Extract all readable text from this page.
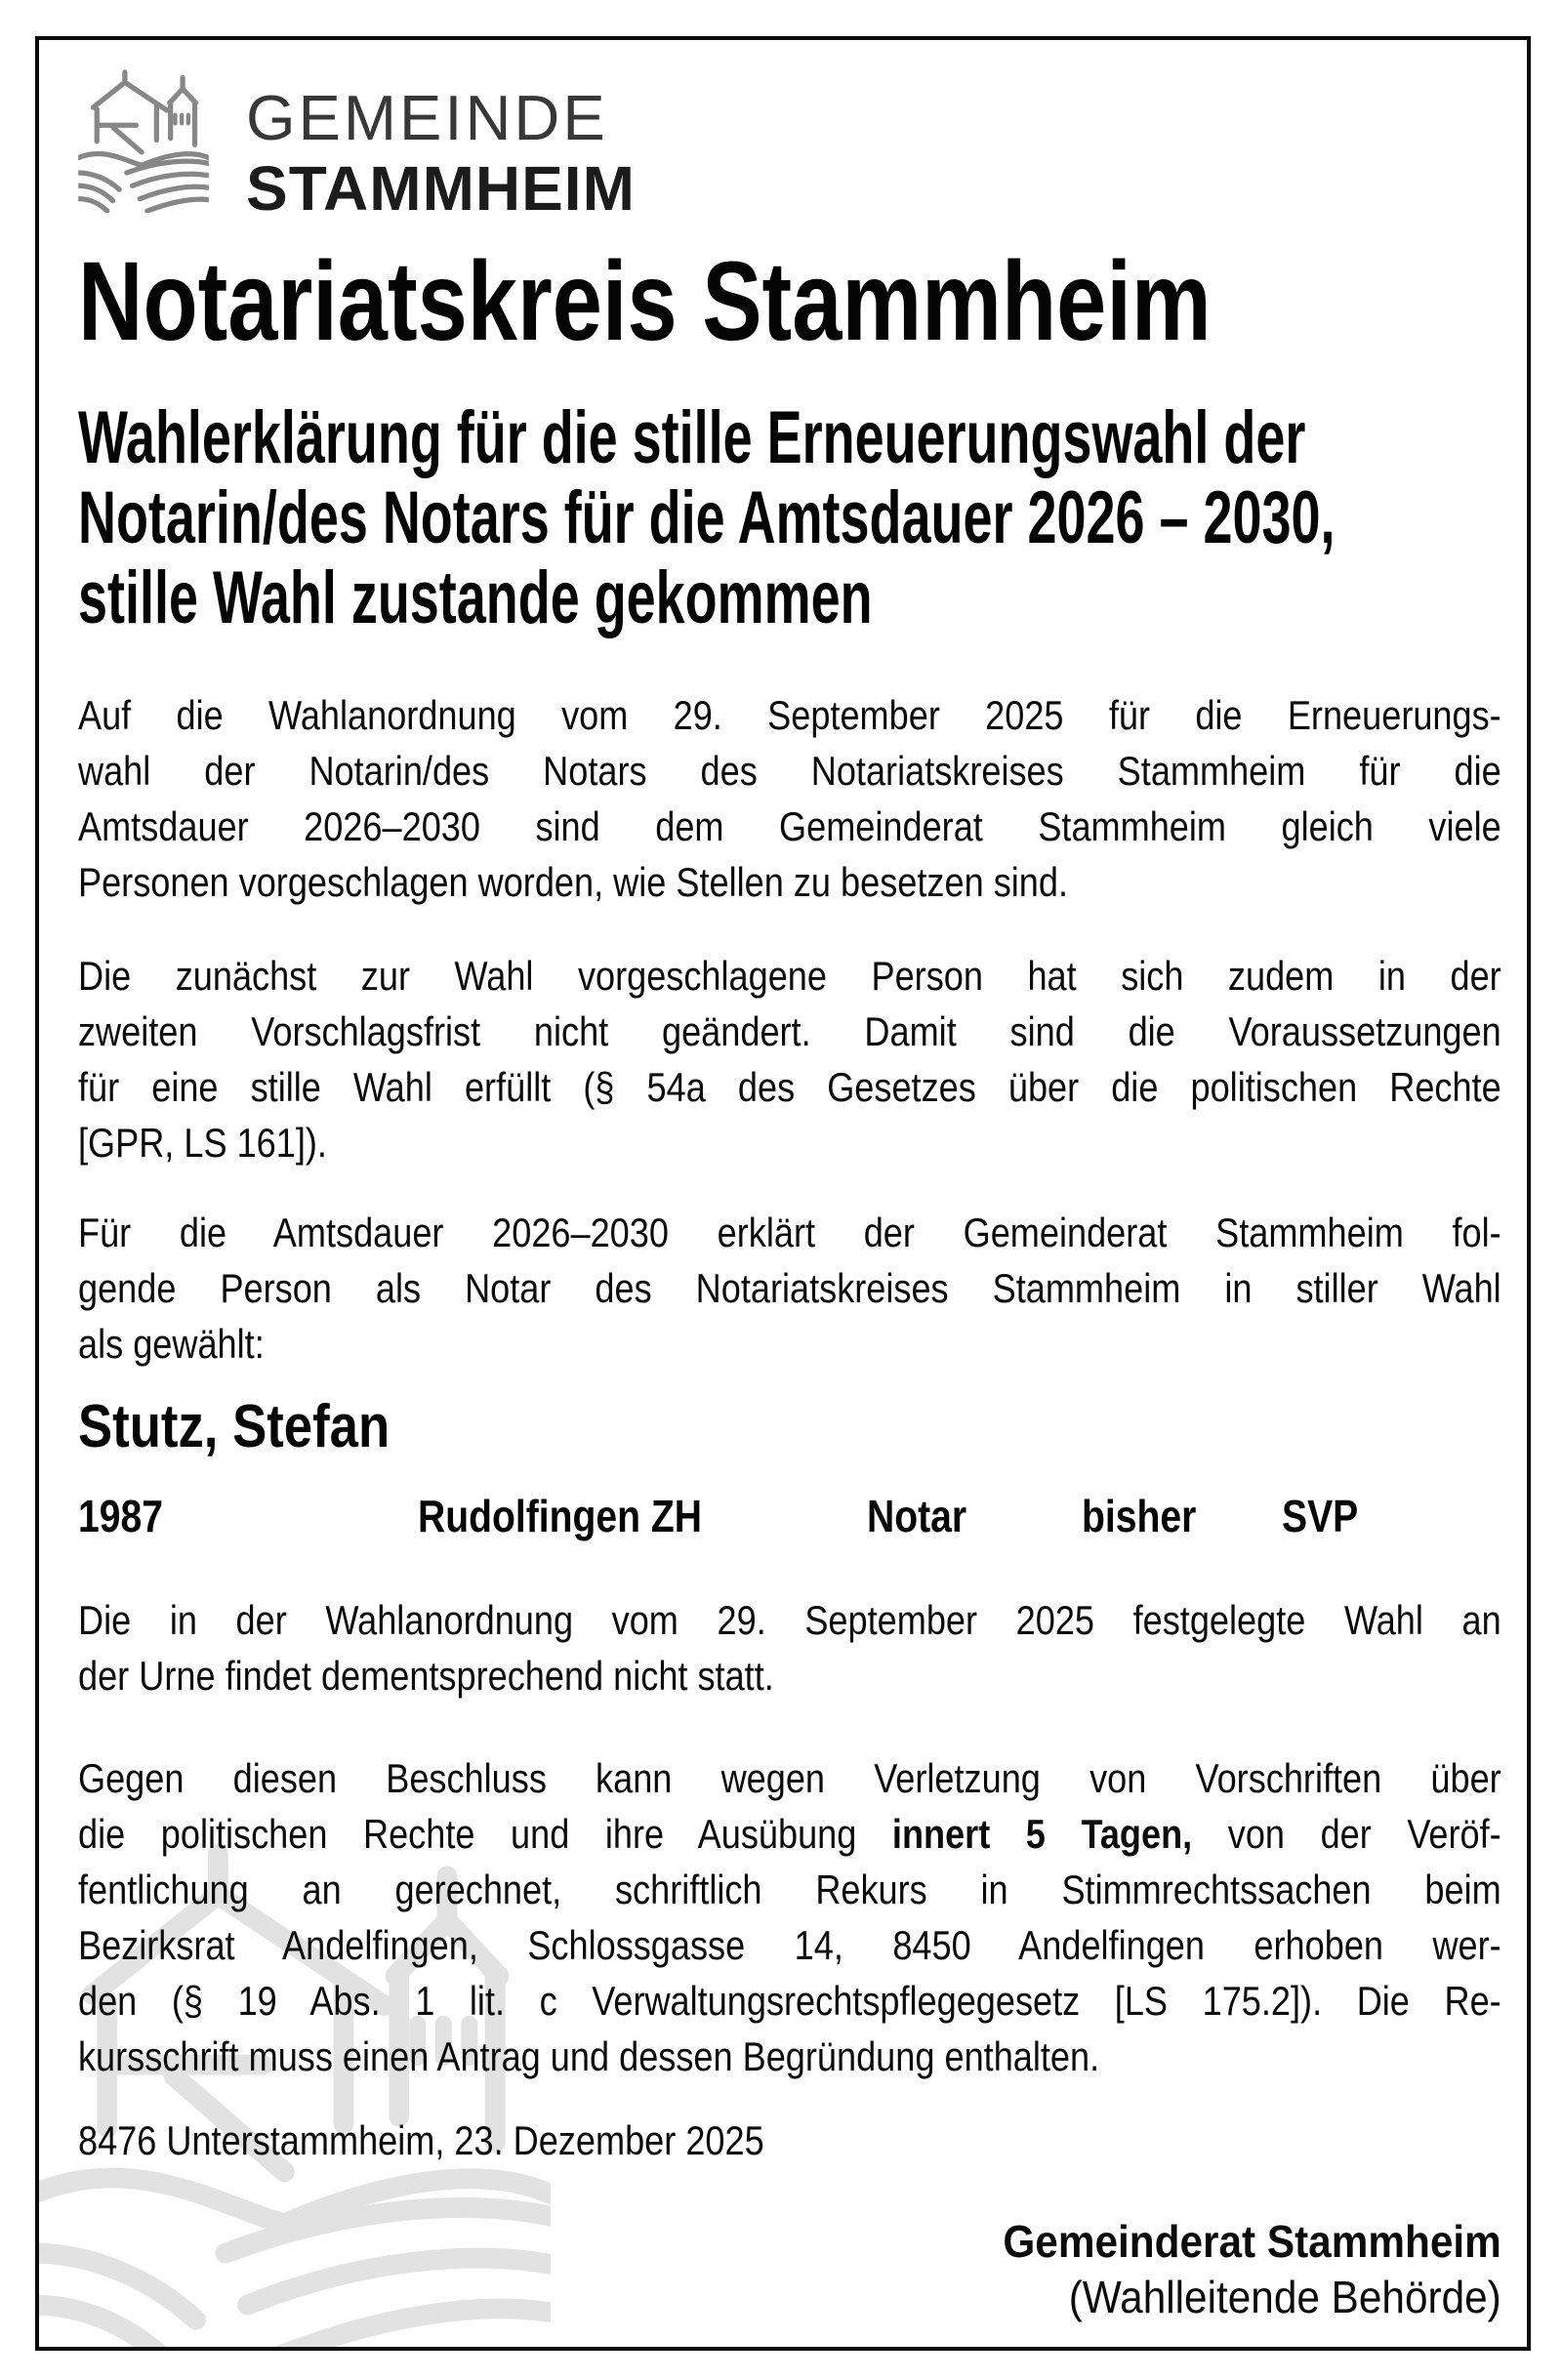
GEMEINDE
STAMMHEIM
Notariatskreis Stammheim
Wahlerklärung für die stille Erneuerungswahl der
Notarin/des Notars für die Amtsdauer 2026 – 2030,
stille Wahl zustande gekommen
Auf die Wahlanordnung vom 29. September 2025 für die Erneuerungs-
wahl der Notarin/des Notars des Notariatskreises Stammheim für die
Amtsdauer 2026–2030 sind dem Gemeinderat Stammheim gleich viele
Personen vorgeschlagen worden, wie Stellen zu besetzen sind.
Die zunächst zur Wahl vorgeschlagene Person hat sich zudem in der
zweiten Vorschlagsfrist nicht geändert. Damit sind die Voraussetzungen
für eine stille Wahl erfüllt (§ 54a des Gesetzes über die politischen Rechte
[GPR, LS 161]).
Für die Amtsdauer 2026–2030 erklärt der Gemeinderat Stammheim fol-
gende Person als Notar des Notariatskreises Stammheim in stiller Wahl
als gewählt:
Stutz, Stefan
1987	Rudolfingen ZH	Notar	bisher SVP
Die in der Wahlanordnung vom 29. September 2025 festgelegte Wahl an
der Urne findet dementsprechend nicht statt.
Gegen diesen Beschluss kann wegen Verletzung von Vorschriften über
die politischen Rechte und ihre Ausübung innert 5 Tagen, von der Veröf-
fentlichung an gerechnet, schriftlich Rekurs in Stimmrechtssachen beim
Bezirksrat Andelfingen, Schlossgasse 14, 8450 Andelfingen erhoben wer-
den (§ 19 Abs. 1 lit. c Verwaltungsrechtspflegegesetz [LS 175.2]). Die Re-
kursschrift muss einen Antrag und dessen Begründung enthalten.
8476 Unterstammheim, 23. Dezember 2025
Gemeinderat Stammheim
(Wahlleitende Behörde)
